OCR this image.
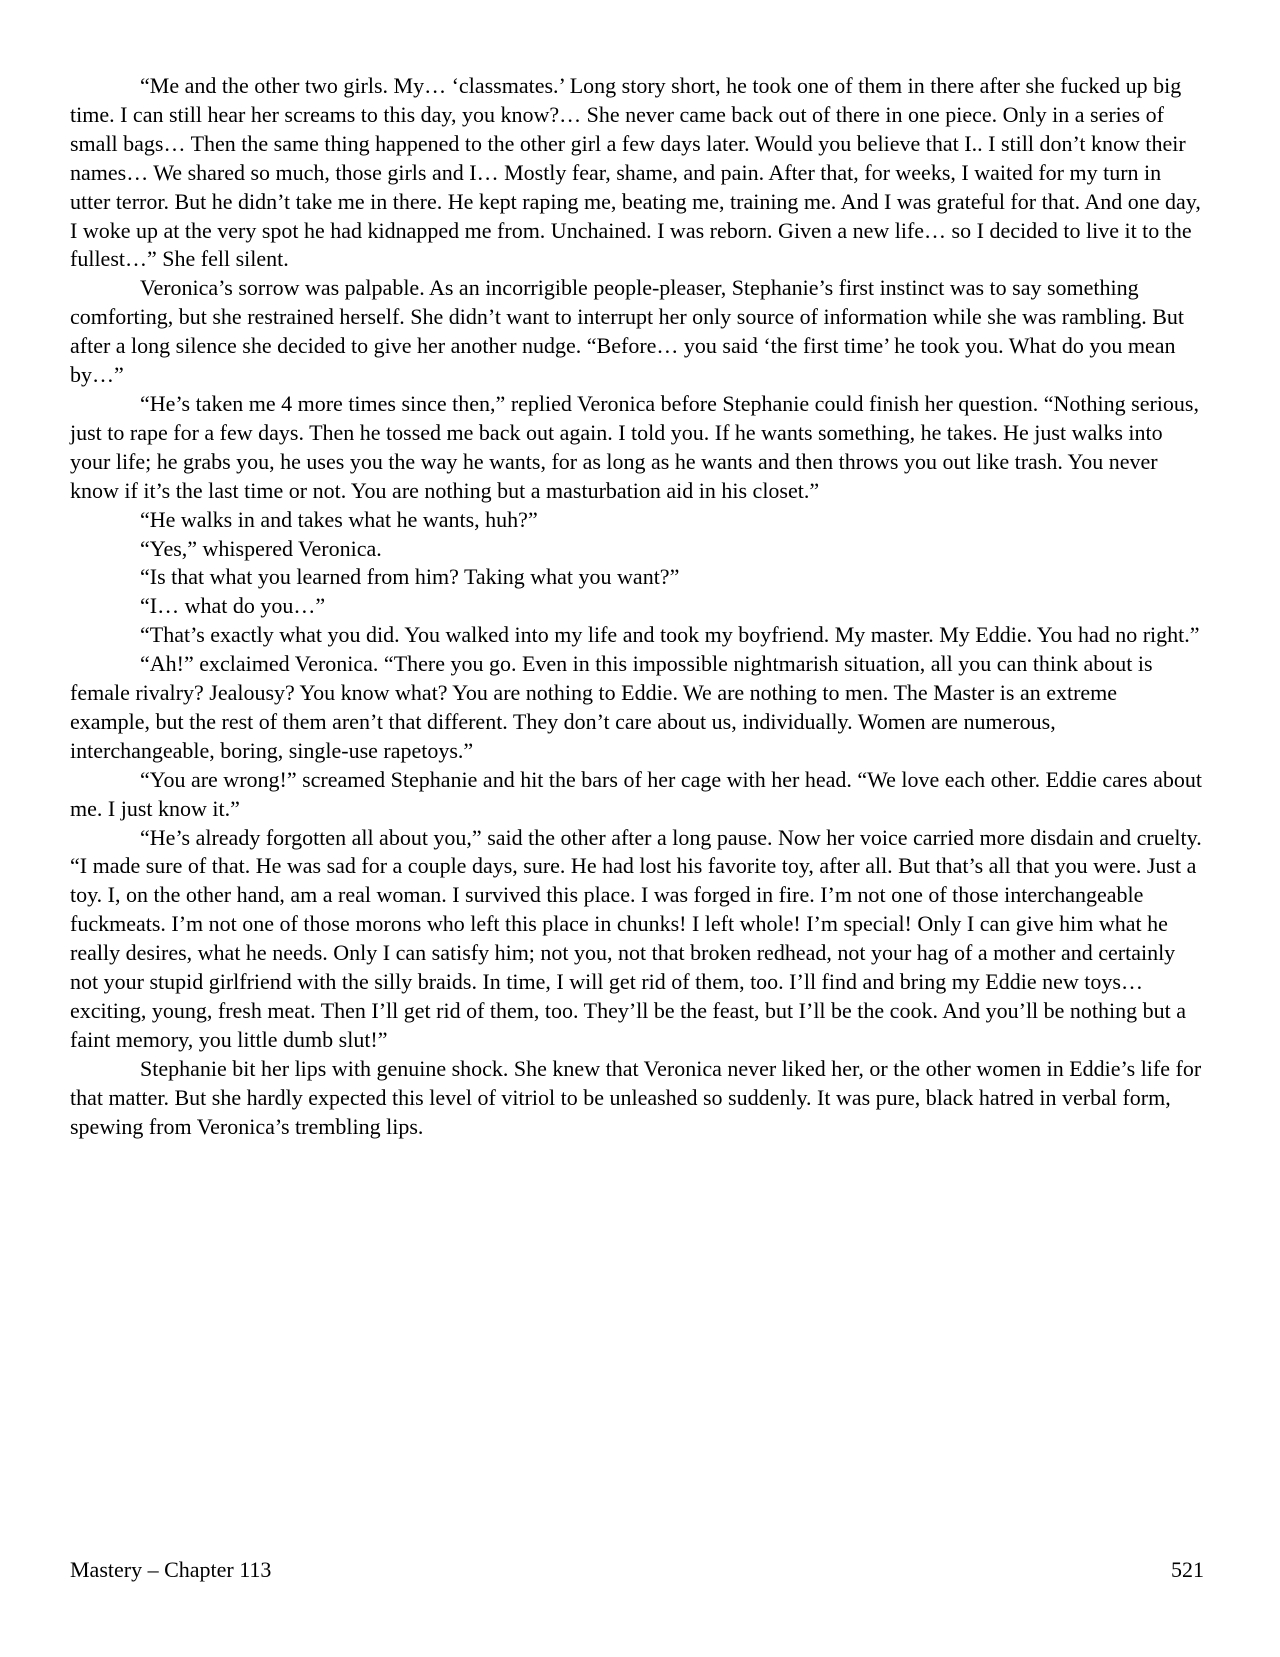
“Me and the other two girls. My… ‘classmates.’ Long story short, he took one of them in there after she fucked up big time. I can still hear her screams to this day, you know?… She never came back out of there in one piece. Only in a series of small bags… Then the same thing happened to the other girl a few days later. Would you believe that I.. I still don’t know their names… We shared so much, those girls and I… Mostly fear, shame, and pain. After that, for weeks, I waited for my turn in utter terror. But he didn’t take me in there. He kept raping me, beating me, training me. And I was grateful for that. And one day, I woke up at the very spot he had kidnapped me from. Unchained. I was reborn. Given a new life… so I decided to live it to the fullest…” She fell silent.

Veronica’s sorrow was palpable. As an incorrigible people-pleaser, Stephanie’s first instinct was to say something comforting, but she restrained herself. She didn’t want to interrupt her only source of information while she was rambling. But after a long silence she decided to give her another nudge. “Before… you said ‘the first time’ he took you. What do you mean by…”

“He’s taken me 4 more times since then,” replied Veronica before Stephanie could finish her question. “Nothing serious, just to rape for a few days. Then he tossed me back out again. I told you. If he wants something, he takes. He just walks into your life; he grabs you, he uses you the way he wants, for as long as he wants and then throws you out like trash. You never know if it’s the last time or not. You are nothing but a masturbation aid in his closet.”

“He walks in and takes what he wants, huh?”

“Yes,” whispered Veronica.

“Is that what you learned from him? Taking what you want?”

“I… what do you…”

“That’s exactly what you did. You walked into my life and took my boyfriend. My master. My Eddie. You had no right.”

“Ah!” exclaimed Veronica. “There you go. Even in this impossible nightmarish situation, all you can think about is female rivalry? Jealousy? You know what? You are nothing to Eddie. We are nothing to men. The Master is an extreme example, but the rest of them aren’t that different. They don’t care about us, individually. Women are numerous, interchangeable, boring, single-use rapetoys.”

“You are wrong!” screamed Stephanie and hit the bars of her cage with her head. “We love each other. Eddie cares about me. I just know it.”

“He’s already forgotten all about you,” said the other after a long pause. Now her voice carried more disdain and cruelty. “I made sure of that. He was sad for a couple days, sure. He had lost his favorite toy, after all. But that’s all that you were. Just a toy. I, on the other hand, am a real woman. I survived this place. I was forged in fire. I’m not one of those interchangeable fuckmeats. I’m not one of those morons who left this place in chunks! I left whole! I’m special! Only I can give him what he really desires, what he needs. Only I can satisfy him; not you, not that broken redhead, not your hag of a mother and certainly not your stupid girlfriend with the silly braids. In time, I will get rid of them, too. I’ll find and bring my Eddie new toys… exciting, young, fresh meat. Then I’ll get rid of them, too. They’ll be the feast, but I’ll be the cook. And you’ll be nothing but a faint memory, you little dumb slut!”

Stephanie bit her lips with genuine shock. She knew that Veronica never liked her, or the other women in Eddie’s life for that matter. But she hardly expected this level of vitriol to be unleashed so suddenly. It was pure, black hatred in verbal form, spewing from Veronica’s trembling lips.

Mastery – Chapter 113	521
